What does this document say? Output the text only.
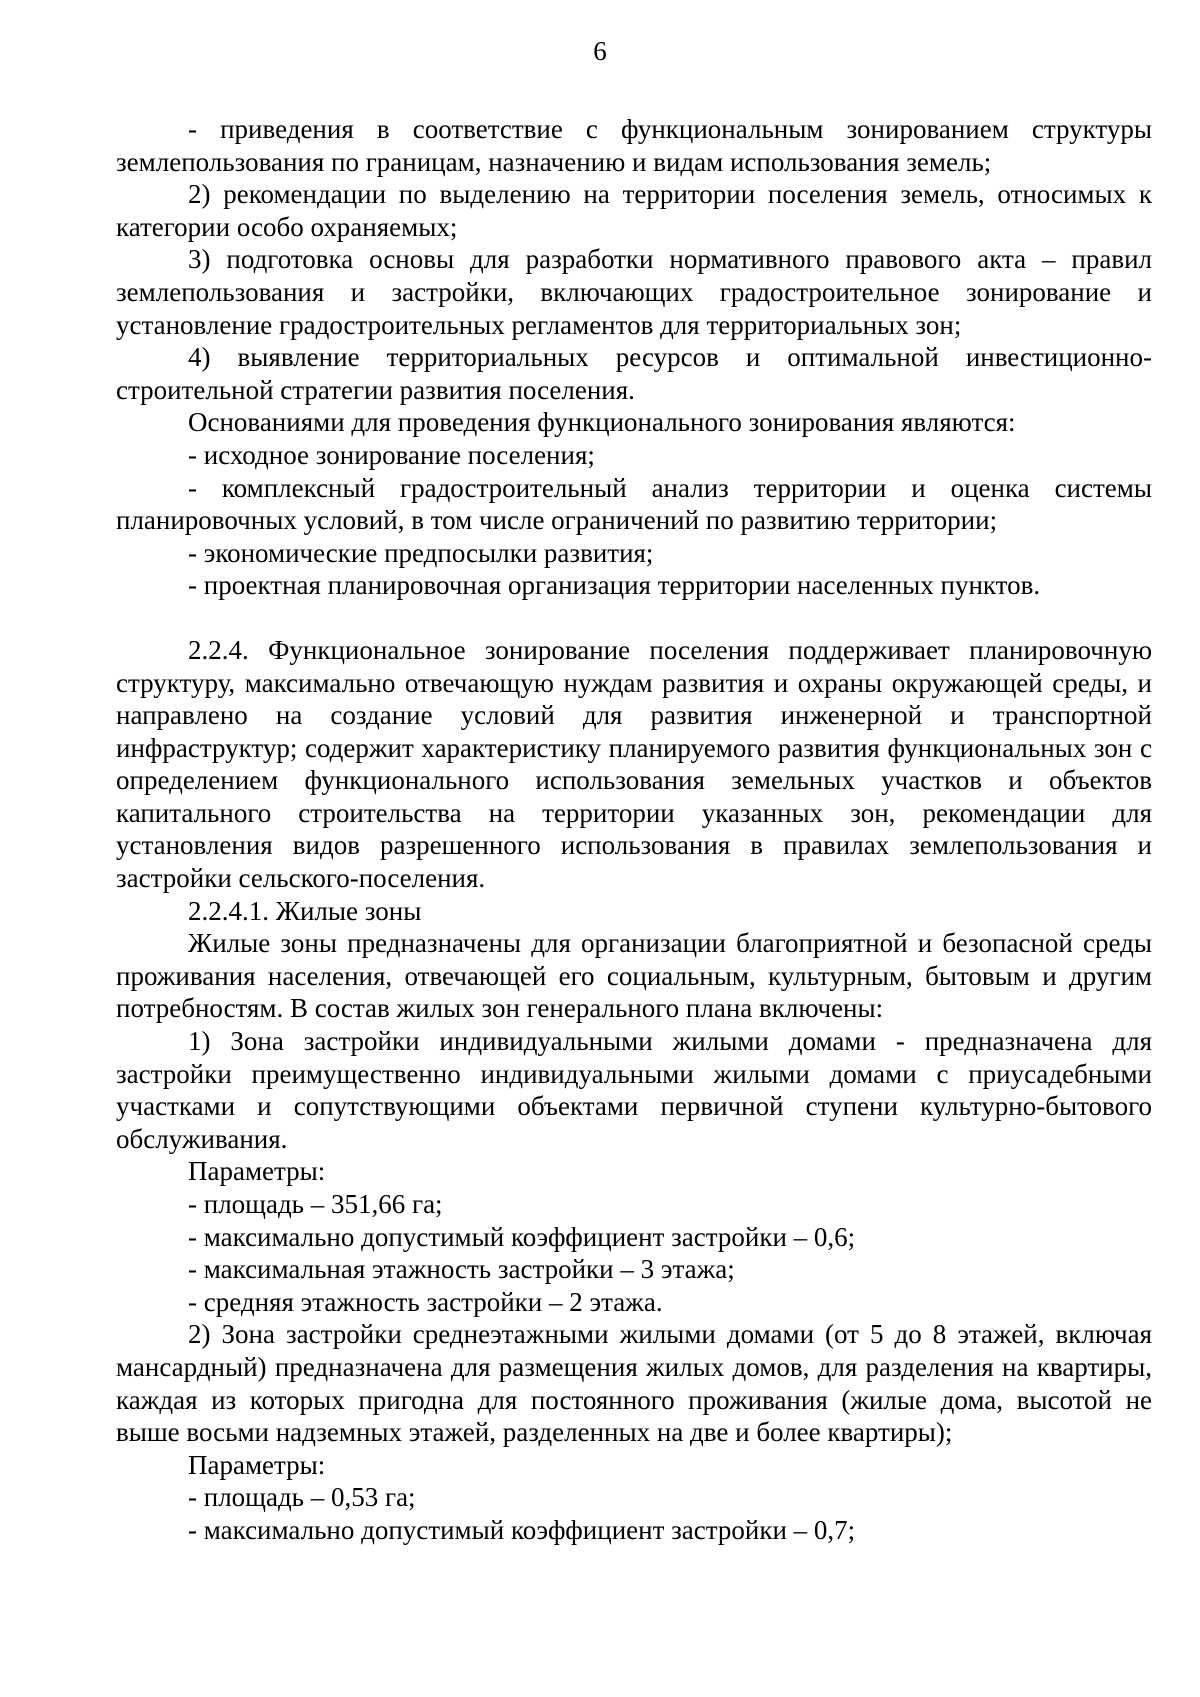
6

- приведения в соответствие с функциональным зонированием структуры землепользования по границам, назначению и видам использования земель;

2) рекомендации по выделению на территории поселения земель, относимых к категории особо охраняемых;

3) подготовка основы для разработки нормативного правового акта – правил землепользования и застройки, включающих градостроительное зонирование и установление градостроительных регламентов для территориальных зон;

4) выявление территориальных ресурсов и оптимальной инвестиционно-строительной стратегии развития поселения.

Основаниями для проведения функционального зонирования являются:

- исходное зонирование поселения;

- комплексный градостроительный анализ территории и оценка системы планировочных условий, в том числе ограничений по развитию территории;

- экономические предпосылки развития;

- проектная планировочная организация территории населенных пунктов.

2.2.4. Функциональное зонирование поселения поддерживает планировочную структуру, максимально отвечающую нуждам развития и охраны окружающей среды, и направлено на создание условий для развития инженерной и транспортной инфраструктур; содержит характеристику планируемого развития функциональных зон с определением функционального использования земельных участков и объектов капитального строительства на территории указанных зон, рекомендации для установления видов разрешенного использования в правилах землепользования и застройки сельского-поселения.

2.2.4.1. Жилые зоны

Жилые зоны предназначены для организации благоприятной и безопасной среды проживания населения, отвечающей его социальным, культурным, бытовым и другим потребностям. В состав жилых зон генерального плана включены:

1) Зона застройки индивидуальными жилыми домами - предназначена для застройки преимущественно индивидуальными жилыми домами с приусадебными участками и сопутствующими объектами первичной ступени культурно-бытового обслуживания.

Параметры:

- площадь – 351,66 га;

- максимально допустимый коэффициент застройки – 0,6;

- максимальная этажность застройки – 3 этажа;

- средняя этажность застройки – 2 этажа.

2) Зона застройки среднеэтажными жилыми домами (от 5 до 8 этажей, включая мансардный) предназначена для размещения жилых домов, для разделения на квартиры, каждая из которых пригодна для постоянного проживания (жилые дома, высотой не выше восьми надземных этажей, разделенных на две и более квартиры);

Параметры:

- площадь – 0,53 га;

- максимально допустимый коэффициент застройки – 0,7;
